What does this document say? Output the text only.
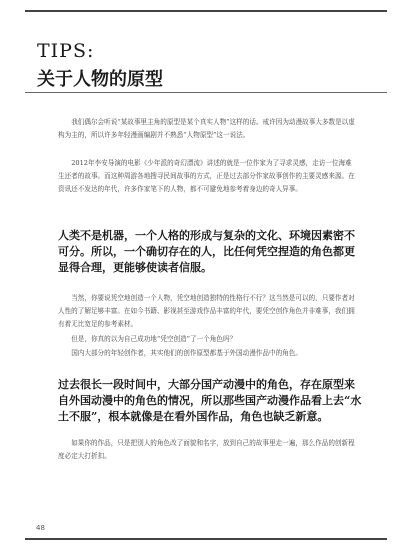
TIPS:
关于人物的原型

我们偶尔会听说“某故事里主角的原型是某个真实人物”这样的话。戒许因为动漫故事大多数是以虚构为主的，所以许多年轻漫画编剧并不熟悉“人物原型”这一说法。

2012年李安导演的电影《少年派的奇幻漂流》讲述的就是一位作家为了寻求灵感，走访一位海难生还者的故事。而这种周游各地搜寻民间故事的方式，正是过去部分作家故事创作的主要灵感来源。在资讯还不发达的年代，许多作家笔下的人物，都不可避免地参考着身边的奇人异事。

人类不是机器，一个人格的形成与复杂的文化、环境因素密不可分。所以，一个确切存在的人，比任何凭空捏造的角色都更显得合理，更能够使读者信服。

当然，你要说凭空地创造一个人物，凭空地创造独特的性格行不行？这当然是可以的，只要作者对人性的了解足够丰富。在如今书籍、影视甚至游戏作品丰富的年代，要凭空创作角色并非难事，我们拥有着无比宽足的参考素材。

但是，你真的以为自己成功地“凭空创造”了一个角色吗？

国内大部分的年轻创作者，其实他们的创作原型都基于外国动漫作品中的角色。

过去很长一段时间中，大部分国产动漫中的角色，存在原型来自外国动漫中的角色的情况，所以那些国产动漫作品看上去“水土不服”，根本就像是在看外国作品，角色也缺乏新意。

如果你的作品，只是把别人的角色改了面貌和名字，放到自己的故事里走一遍，那么作品的创新程度必定大打折扣。

48
